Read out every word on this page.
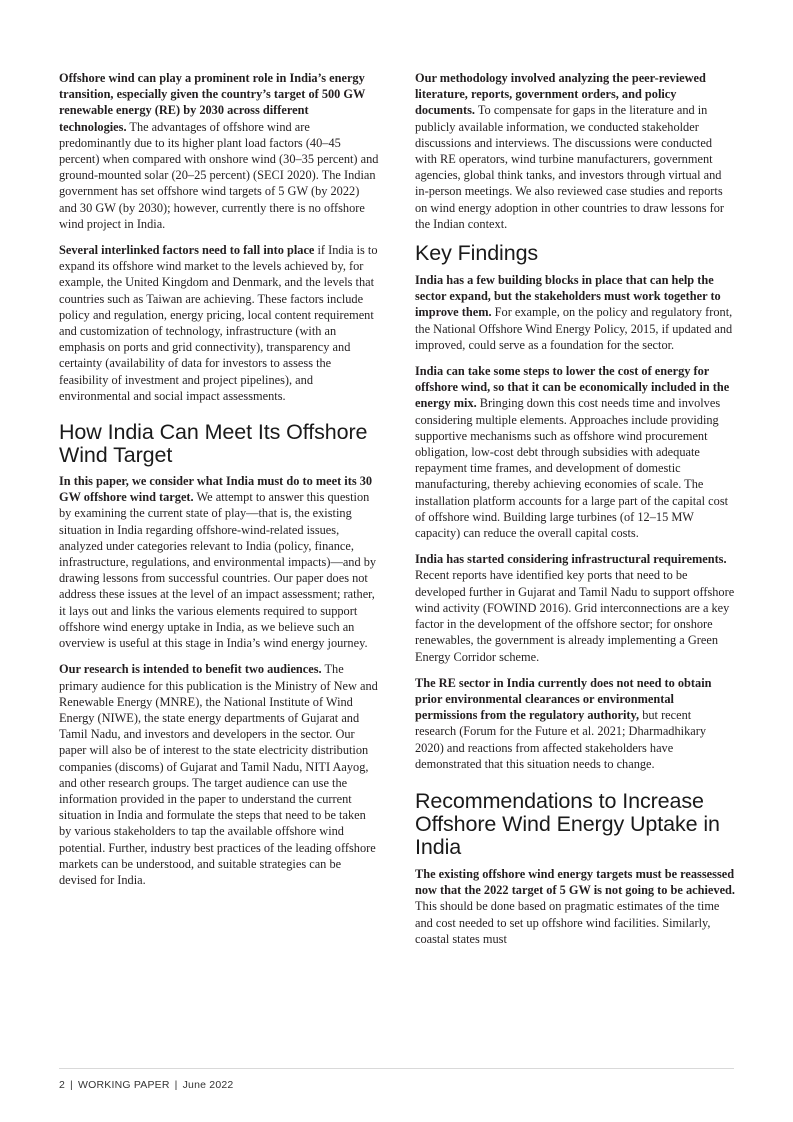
Offshore wind can play a prominent role in India’s energy transition, especially given the country’s target of 500 GW renewable energy (RE) by 2030 across different technologies. The advantages of offshore wind are predominantly due to its higher plant load factors (40–45 percent) when compared with onshore wind (30–35 percent) and ground-mounted solar (20–25 percent) (SECI 2020). The Indian government has set offshore wind targets of 5 GW (by 2022) and 30 GW (by 2030); however, currently there is no offshore wind project in India.

Several interlinked factors need to fall into place if India is to expand its offshore wind market to the levels achieved by, for example, the United Kingdom and Denmark, and the levels that countries such as Taiwan are achieving. These factors include policy and regulation, energy pricing, local content requirement and customization of technology, infrastructure (with an emphasis on ports and grid connectivity), transparency and certainty (availability of data for investors to assess the feasibility of investment and project pipelines), and environmental and social impact assessments.

How India Can Meet Its Offshore Wind Target

In this paper, we consider what India must do to meet its 30 GW offshore wind target. We attempt to answer this question by examining the current state of play—that is, the existing situation in India regarding offshore-wind-related issues, analyzed under categories relevant to India (policy, finance, infrastructure, regulations, and environmental impacts)—and by drawing lessons from successful countries. Our paper does not address these issues at the level of an impact assessment; rather, it lays out and links the various elements required to support offshore wind energy uptake in India, as we believe such an overview is useful at this stage in India’s wind energy journey.

Our research is intended to benefit two audiences. The primary audience for this publication is the Ministry of New and Renewable Energy (MNRE), the National Institute of Wind Energy (NIWE), the state energy departments of Gujarat and Tamil Nadu, and investors and developers in the sector. Our paper will also be of interest to the state electricity distribution companies (discoms) of Gujarat and Tamil Nadu, NITI Aayog, and other research groups. The target audience can use the information provided in the paper to understand the current situation in India and formulate the steps that need to be taken by various stakeholders to tap the available offshore wind potential. Further, industry best practices of the leading offshore markets can be understood, and suitable strategies can be devised for India.

Our methodology involved analyzing the peer-reviewed literature, reports, government orders, and policy documents. To compensate for gaps in the literature and in publicly available information, we conducted stakeholder discussions and interviews. The discussions were conducted with RE operators, wind turbine manufacturers, government agencies, global think tanks, and investors through virtual and in-person meetings. We also reviewed case studies and reports on wind energy adoption in other countries to draw lessons for the Indian context.

Key Findings

India has a few building blocks in place that can help the sector expand, but the stakeholders must work together to improve them. For example, on the policy and regulatory front, the National Offshore Wind Energy Policy, 2015, if updated and improved, could serve as a foundation for the sector.

India can take some steps to lower the cost of energy for offshore wind, so that it can be economically included in the energy mix. Bringing down this cost needs time and involves considering multiple elements. Approaches include providing supportive mechanisms such as offshore wind procurement obligation, low-cost debt through subsidies with adequate repayment time frames, and development of domestic manufacturing, thereby achieving economies of scale. The installation platform accounts for a large part of the capital cost of offshore wind. Building large turbines (of 12–15 MW capacity) can reduce the overall capital costs.

India has started considering infrastructural requirements. Recent reports have identified key ports that need to be developed further in Gujarat and Tamil Nadu to support offshore wind activity (FOWIND 2016). Grid interconnections are a key factor in the development of the offshore sector; for onshore renewables, the government is already implementing a Green Energy Corridor scheme.

The RE sector in India currently does not need to obtain prior environmental clearances or environmental permissions from the regulatory authority, but recent research (Forum for the Future et al. 2021; Dharmadhikary 2020) and reactions from affected stakeholders have demonstrated that this situation needs to change.

Recommendations to Increase Offshore Wind Energy Uptake in India

The existing offshore wind energy targets must be reassessed now that the 2022 target of 5 GW is not going to be achieved. This should be done based on pragmatic estimates of the time and cost needed to set up offshore wind facilities. Similarly, coastal states must

2 | WORKING PAPER | June 2022
